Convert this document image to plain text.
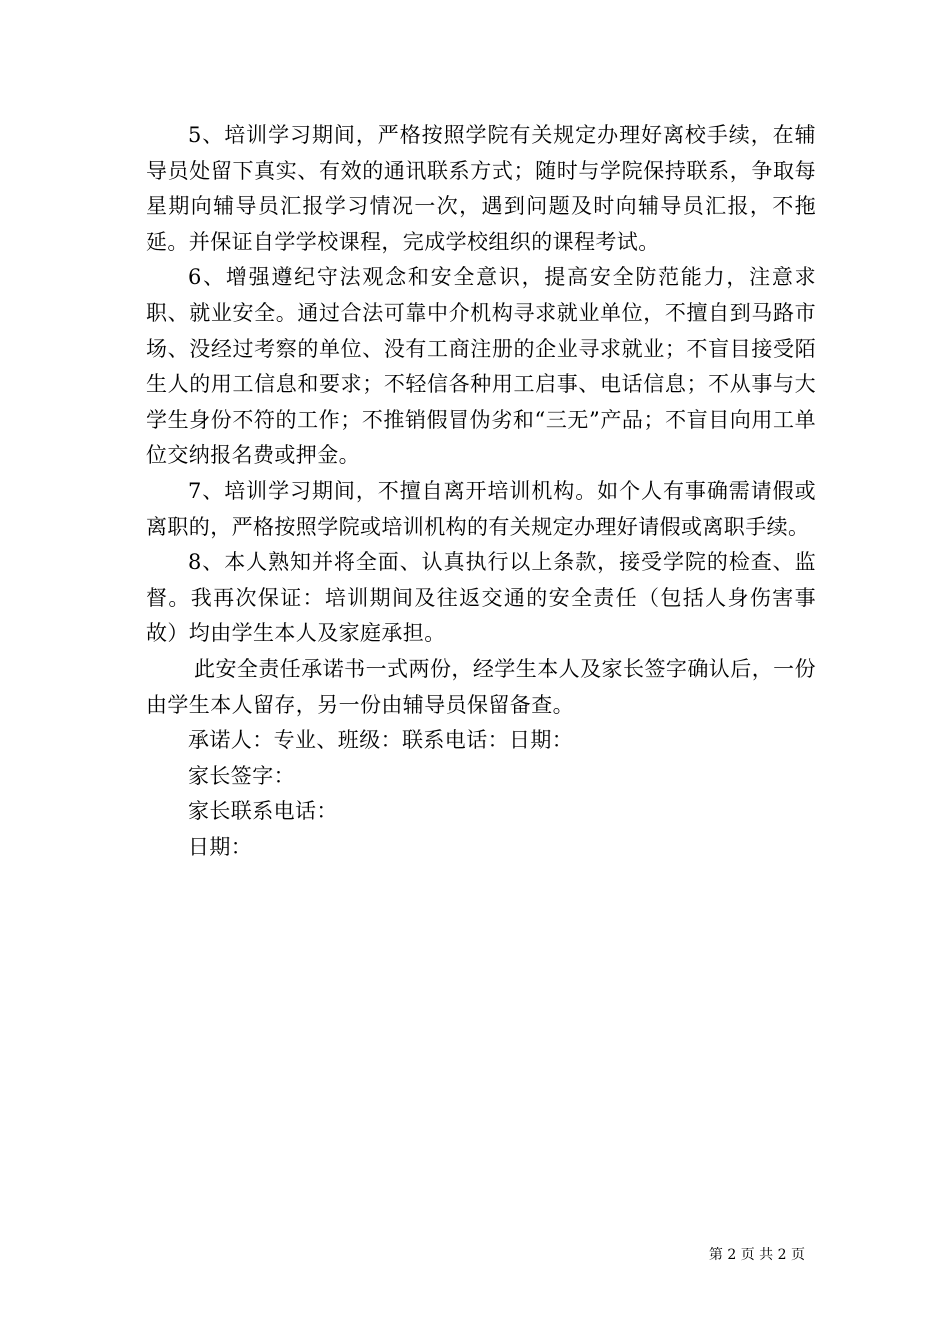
5、培训学习期间，严格按照学院有关规定办理好离校手续，在辅导员处留下真实、有效的通讯联系方式；随时与学院保持联系，争取每星期向辅导员汇报学习情况一次，遇到问题及时向辅导员汇报，不拖延。并保证自学学校课程，完成学校组织的课程考试。

6、增强遵纪守法观念和安全意识，提高安全防范能力，注意求职、就业安全。通过合法可靠中介机构寻求就业单位，不擅自到马路市场、没经过考察的单位、没有工商注册的企业寻求就业；不盲目接受陌生人的用工信息和要求；不轻信各种用工启事、电话信息；不从事与大学生身份不符的工作；不推销假冒伪劣和“三无”产品；不盲目向用工单位交纳报名费或押金。

7、培训学习期间，不擅自离开培训机构。如个人有事确需请假或离职的，严格按照学院或培训机构的有关规定办理好请假或离职手续。

8、本人熟知并将全面、认真执行以上条款，接受学院的检查、监督。我再次保证：培训期间及往返交通的安全责任（包括人身伤害事故）均由学生本人及家庭承担。

此安全责任承诺书一式两份，经学生本人及家长签字确认后，一份由学生本人留存，另一份由辅导员保留备查。

承诺人：专业、班级：联系电话：日期：

家长签字：

家长联系电话：

日期：

第 2 页 共 2 页
